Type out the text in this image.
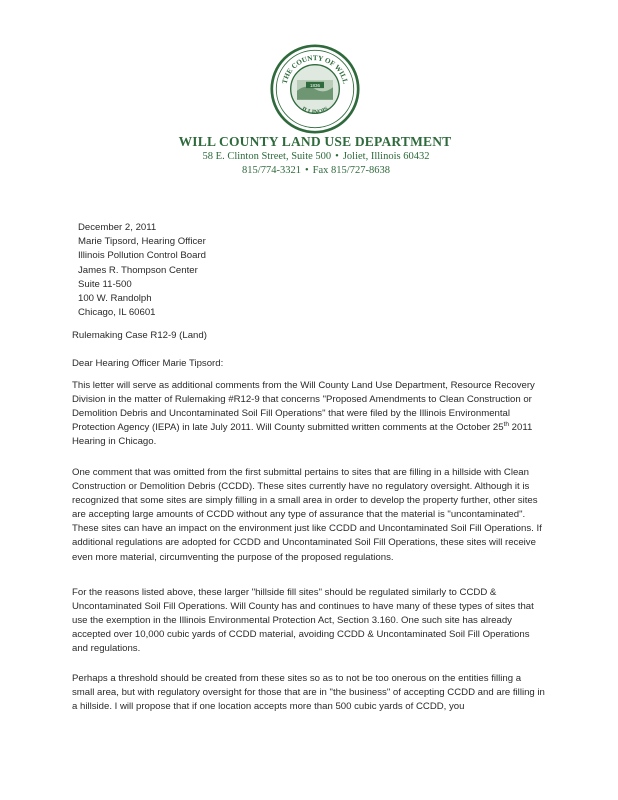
THE COUNTY OF WILL
ILLINOIS
1836
WILL COUNTY LAND USE DEPARTMENT
58 E. Clinton Street, Suite 500 • Joliet, Illinois 60432
815/774-3321 • Fax 815/727-8638
December 2, 2011
Marie Tipsord, Hearing Officer
Illinois Pollution Control Board
James R. Thompson Center
Suite 11-500
100 W. Randolph
Chicago, IL 60601

Rulemaking Case R12-9 (Land)

Dear Hearing Officer Marie Tipsord:

This letter will serve as additional comments from the Will County Land Use Department, Resource Recovery Division in the matter of Rulemaking #R12-9 that concerns "Proposed Amendments to Clean Construction or Demolition Debris and Uncontaminated Soil Fill Operations" that were filed by the Illinois Environmental Protection Agency (IEPA) in late July 2011. Will County submitted written comments at the October 25th 2011 Hearing in Chicago.

One comment that was omitted from the first submittal pertains to sites that are filling in a hillside with Clean Construction or Demolition Debris (CCDD). These sites currently have no regulatory oversight. Although it is recognized that some sites are simply filling in a small area in order to develop the property further, other sites are accepting large amounts of CCDD without any type of assurance that the material is "uncontaminated". These sites can have an impact on the environment just like CCDD and Uncontaminated Soil Fill Operations. If additional regulations are adopted for CCDD and Uncontaminated Soil Fill Operations, these sites will receive even more material, circumventing the purpose of the proposed regulations.

For the reasons listed above, these larger "hillside fill sites" should be regulated similarly to CCDD & Uncontaminated Soil Fill Operations. Will County has and continues to have many of these types of sites that use the exemption in the Illinois Environmental Protection Act, Section 3.160. One such site has already accepted over 10,000 cubic yards of CCDD material, avoiding CCDD & Uncontaminated Soil Fill Operations and regulations.

Perhaps a threshold should be created from these sites so as to not be too onerous on the entities filling a small area, but with regulatory oversight for those that are in "the business" of accepting CCDD and are filling in a hillside. I will propose that if one location accepts more than 500 cubic yards of CCDD, you
